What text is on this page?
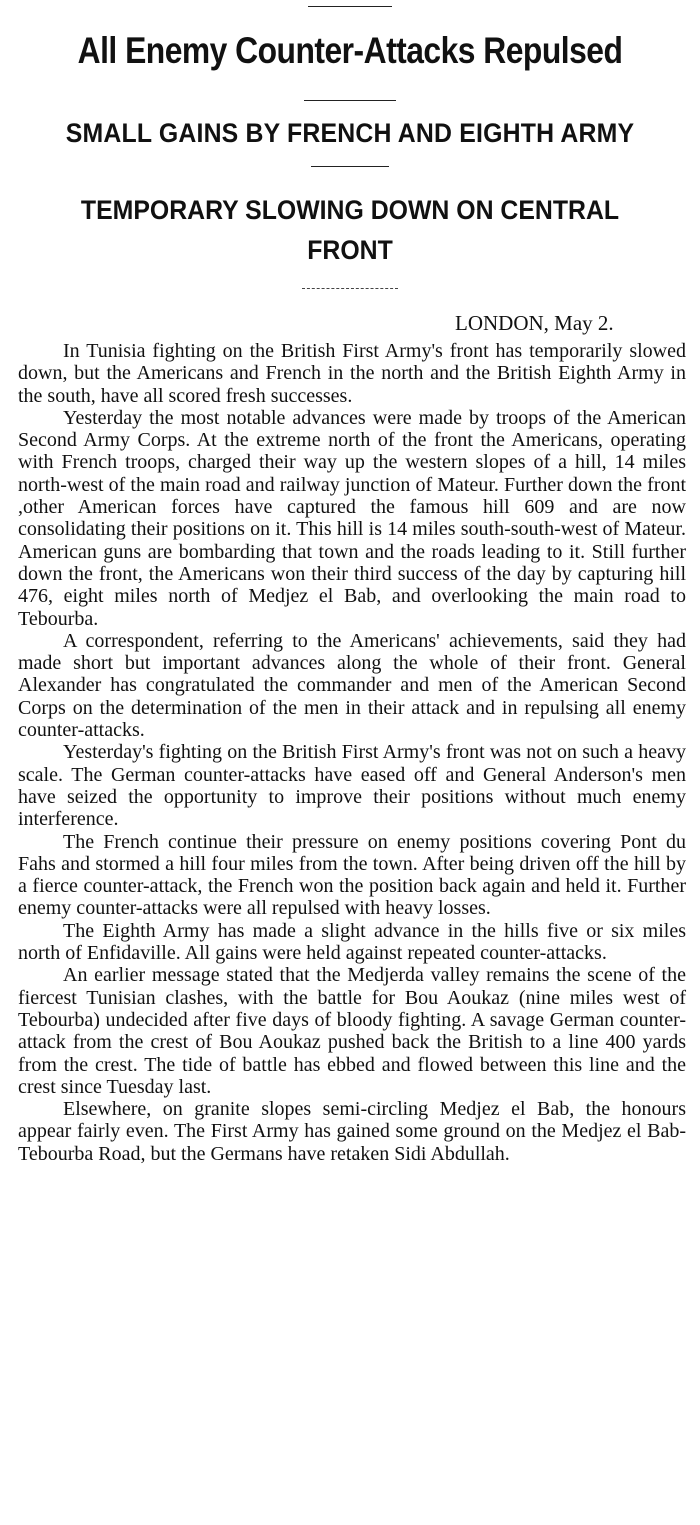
All Enemy Counter-Attacks Repulsed
SMALL GAINS BY FRENCH AND EIGHTH ARMY
TEMPORARY SLOWING DOWN ON CENTRAL FRONT
LONDON, May 2.

In Tunisia fighting on the British First Army's front has temporarily slowed down, but the Americans and French in the north and the British Eighth Army in the south, have all scored fresh successes.

Yesterday the most notable advances were made by troops of the American Second Army Corps. At the extreme north of the front the Americans, operating with French troops, charged their way up the western slopes of a hill, 14 miles north-west of the main road and railway junction of Mateur. Further down the front ,other American forces have captured the famous hill 609 and are now consolidating their positions on it. This hill is 14 miles south-south-west of Mateur. American guns are bombarding that town and the roads leading to it. Still further down the front, the Americans won their third success of the day by capturing hill 476, eight miles north of Medjez el Bab, and overlooking the main road to Tebourba.

A correspondent, referring to the Americans' achievements, said they had made short but important advances along the whole of their front. General Alexander has congratulated the commander and men of the American Second Corps on the determination of the men in their attack and in repulsing all enemy counter-attacks.

Yesterday's fighting on the British First Army's front was not on such a heavy scale. The German counter-attacks have eased off and General Anderson's men have seized the opportunity to improve their positions without much enemy interference.

The French continue their pressure on enemy positions covering Pont du Fahs and stormed a hill four miles from the town. After being driven off the hill by a fierce counter-attack, the French won the position back again and held it. Further enemy counter-attacks were all repulsed with heavy losses.

The Eighth Army has made a slight advance in the hills five or six miles north of Enfidaville. All gains were held against repeated counter-attacks.

An earlier message stated that the Medjerda valley remains the scene of the fiercest Tunisian clashes, with the battle for Bou Aoukaz (nine miles west of Tebourba) undecided after five days of bloody fighting. A savage German counter-attack from the crest of Bou Aoukaz pushed back the British to a line 400 yards from the crest. The tide of battle has ebbed and flowed between this line and the crest since Tuesday last.

Elsewhere, on granite slopes semi-circling Medjez el Bab, the honours appear fairly even. The First Army has gained some ground on the Medjez el Bab-Tebourba Road, but the Germans have retaken Sidi Abdullah.
